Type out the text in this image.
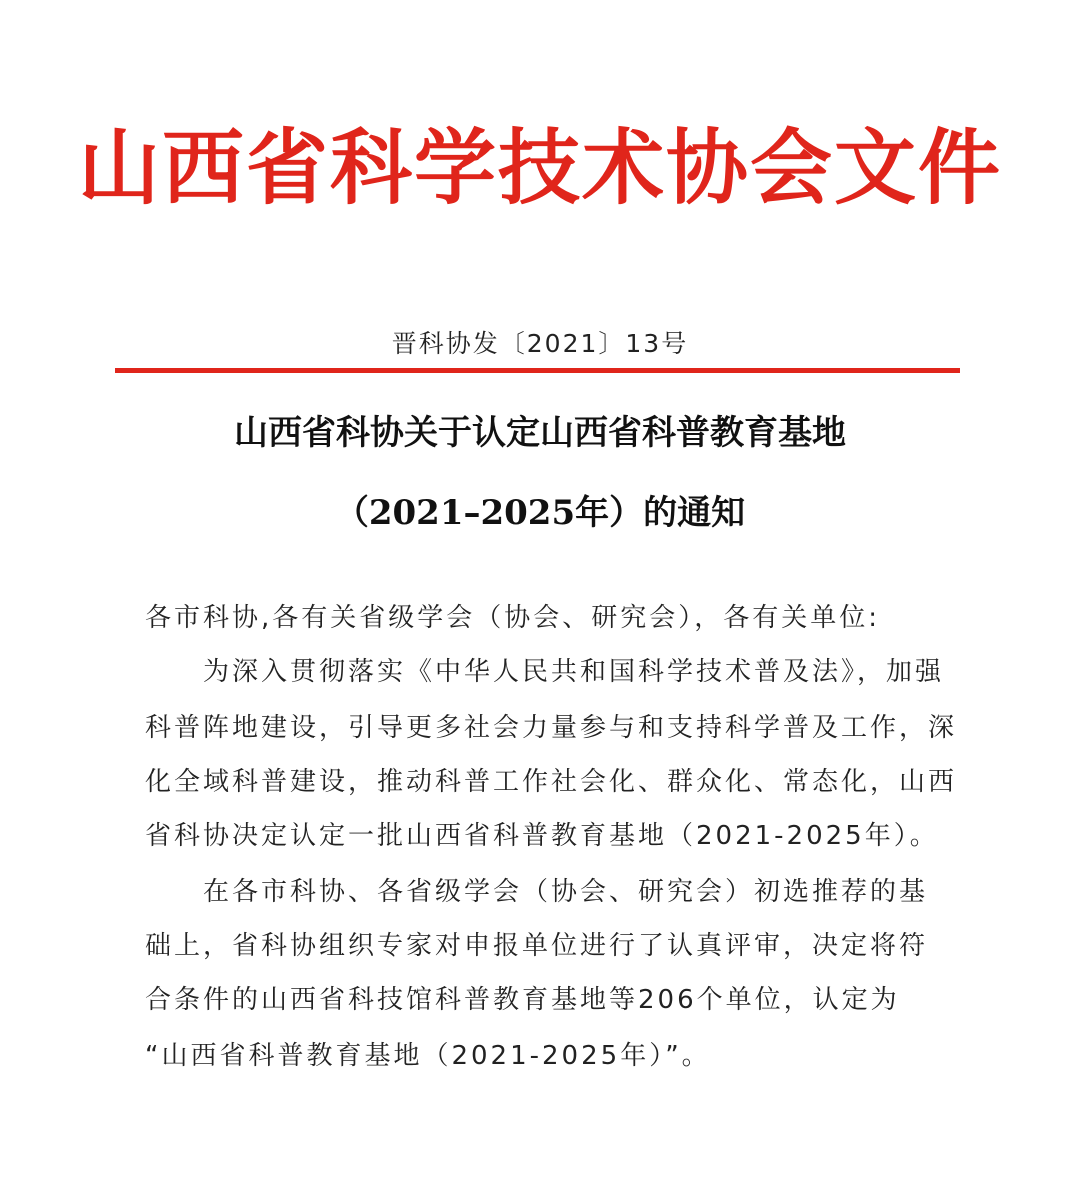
山西省科学技术协会文件
晋科协发〔2021〕13号
山西省科协关于认定山西省科普教育基地
（2021–2025年）的通知
各市科协,各有关省级学会（协会、研究会），各有关单位:
　　为深入贯彻落实《中华人民共和国科学技术普及法》，加强
科普阵地建设，引导更多社会力量参与和支持科学普及工作，深
化全域科普建设，推动科普工作社会化、群众化、常态化，山西
省科协决定认定一批山西省科普教育基地（2021-2025年）。
　　在各市科协、各省级学会（协会、研究会）初选推荐的基
础上，省科协组织专家对申报单位进行了认真评审，决定将符
合条件的山西省科技馆科普教育基地等206个单位，认定为
“山西省科普教育基地（2021-2025年）”。
